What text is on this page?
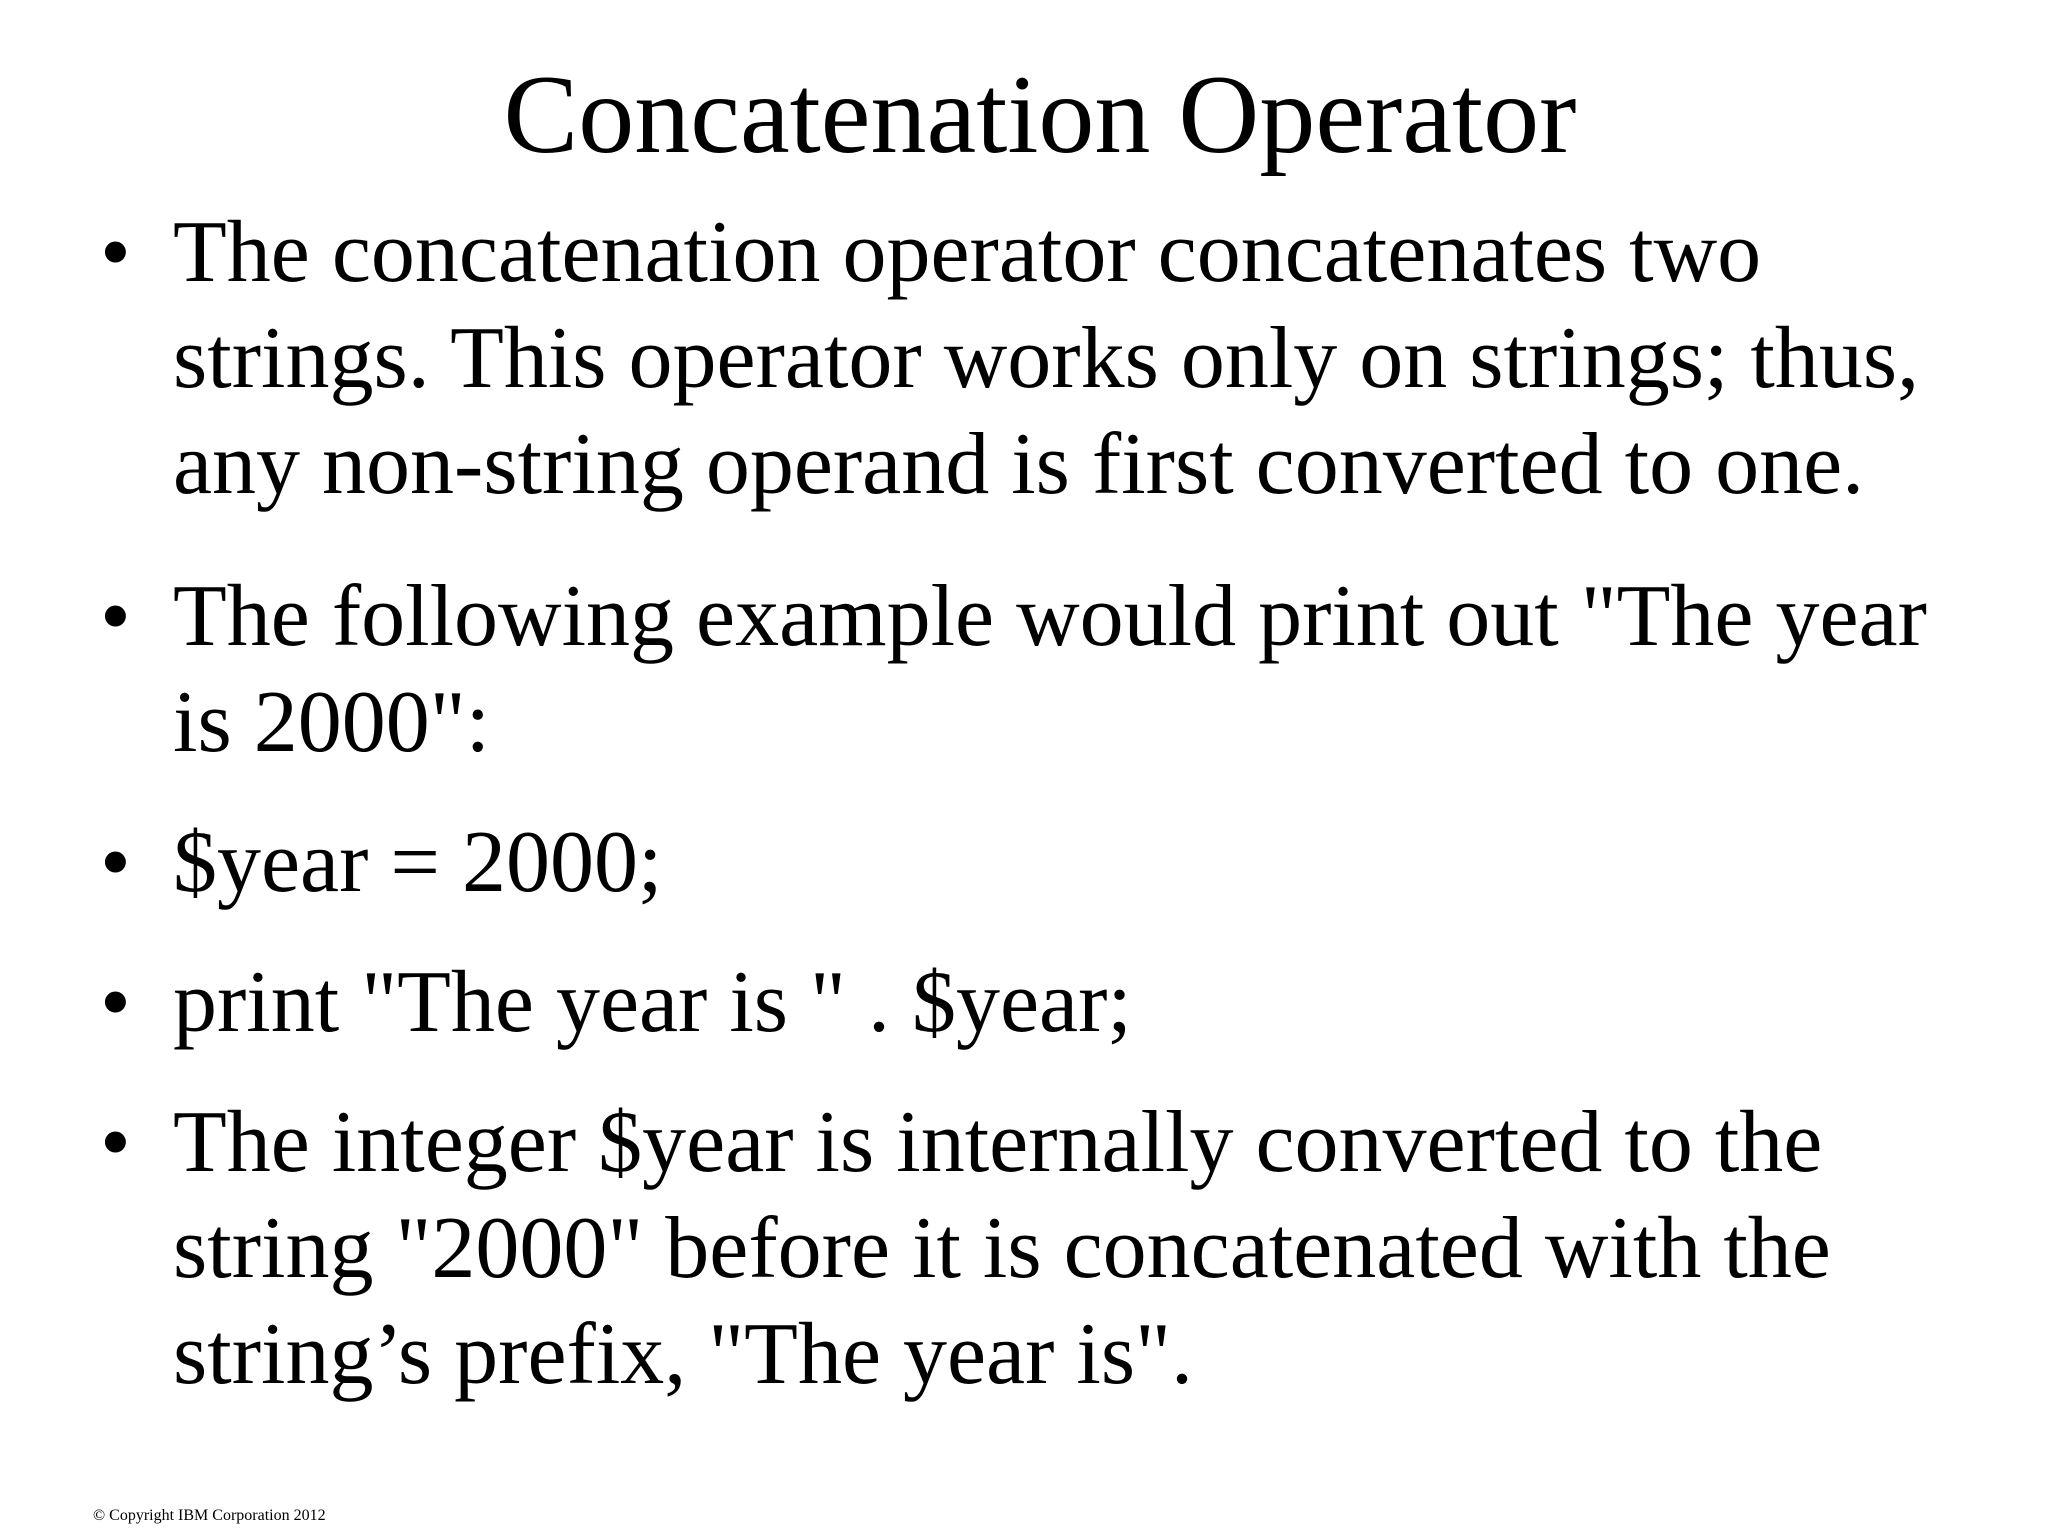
Concatenation Operator
• The concatenation operator concatenates two strings. This operator works only on strings; thus, any non-string operand is first converted to one.
• The following example would print out "The year is 2000":
• $year = 2000;
• print "The year is " . $year;
• The integer $year is internally converted to the string "2000" before it is concatenated with the string’s prefix, "The year is".
© Copyright IBM Corporation 2012
